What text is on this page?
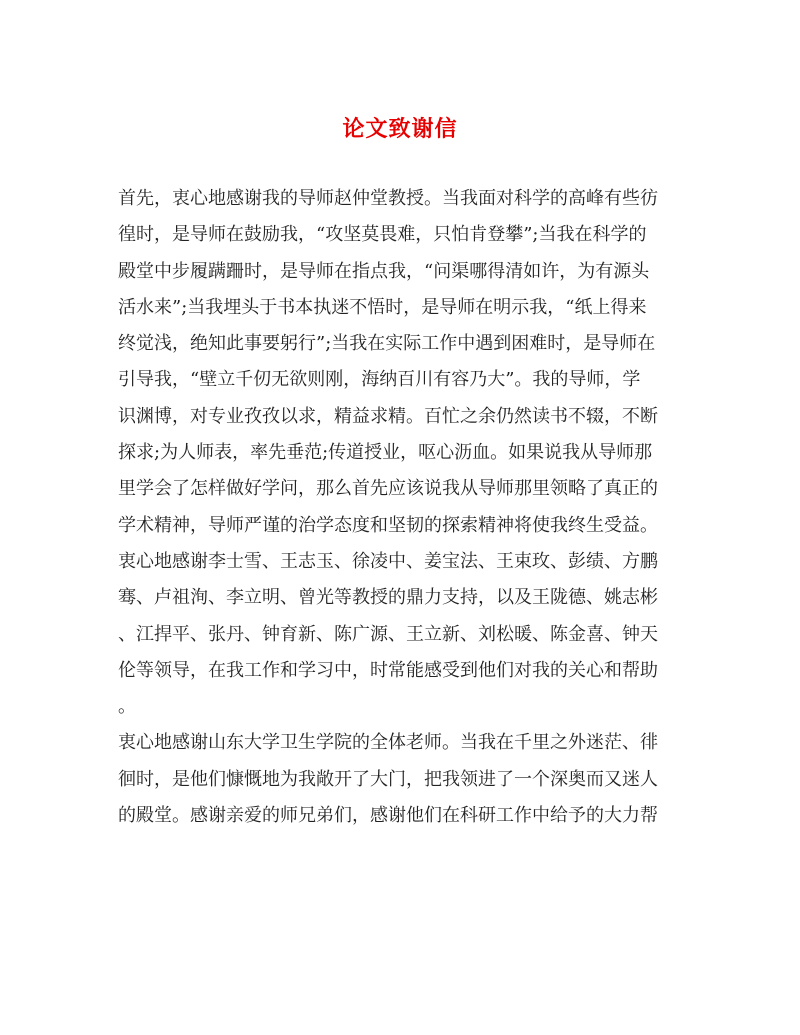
论文致谢信
首先，衷心地感谢我的导师赵仲堂教授。当我面对科学的高峰有些彷
徨时，是导师在鼓励我，“攻坚莫畏难，只怕肯登攀”;当我在科学的
殿堂中步履蹒跚时，是导师在指点我，“问渠哪得清如许，为有源头
活水来”;当我埋头于书本执迷不悟时，是导师在明示我，“纸上得来
终觉浅，绝知此事要躬行”;当我在实际工作中遇到困难时，是导师在
引导我，“壁立千仞无欲则刚，海纳百川有容乃大”。我的导师，学
识渊博，对专业孜孜以求，精益求精。百忙之余仍然读书不辍，不断
探求;为人师表，率先垂范;传道授业，呕心沥血。如果说我从导师那
里学会了怎样做好学问，那么首先应该说我从导师那里领略了真正的
学术精神，导师严谨的治学态度和坚韧的探索精神将使我终生受益。
衷心地感谢李士雪、王志玉、徐凌中、姜宝法、王束玫、彭绩、方鹏
骞、卢祖洵、李立明、曾光等教授的鼎力支持，以及王陇德、姚志彬
、江捍平、张丹、钟育新、陈广源、王立新、刘松暖、陈金喜、钟天
伦等领导，在我工作和学习中，时常能感受到他们对我的关心和帮助
。
衷心地感谢山东大学卫生学院的全体老师。当我在千里之外迷茫、徘
徊时，是他们慷慨地为我敞开了大门，把我领进了一个深奥而又迷人
的殿堂。感谢亲爱的师兄弟们，感谢他们在科研工作中给予的大力帮
